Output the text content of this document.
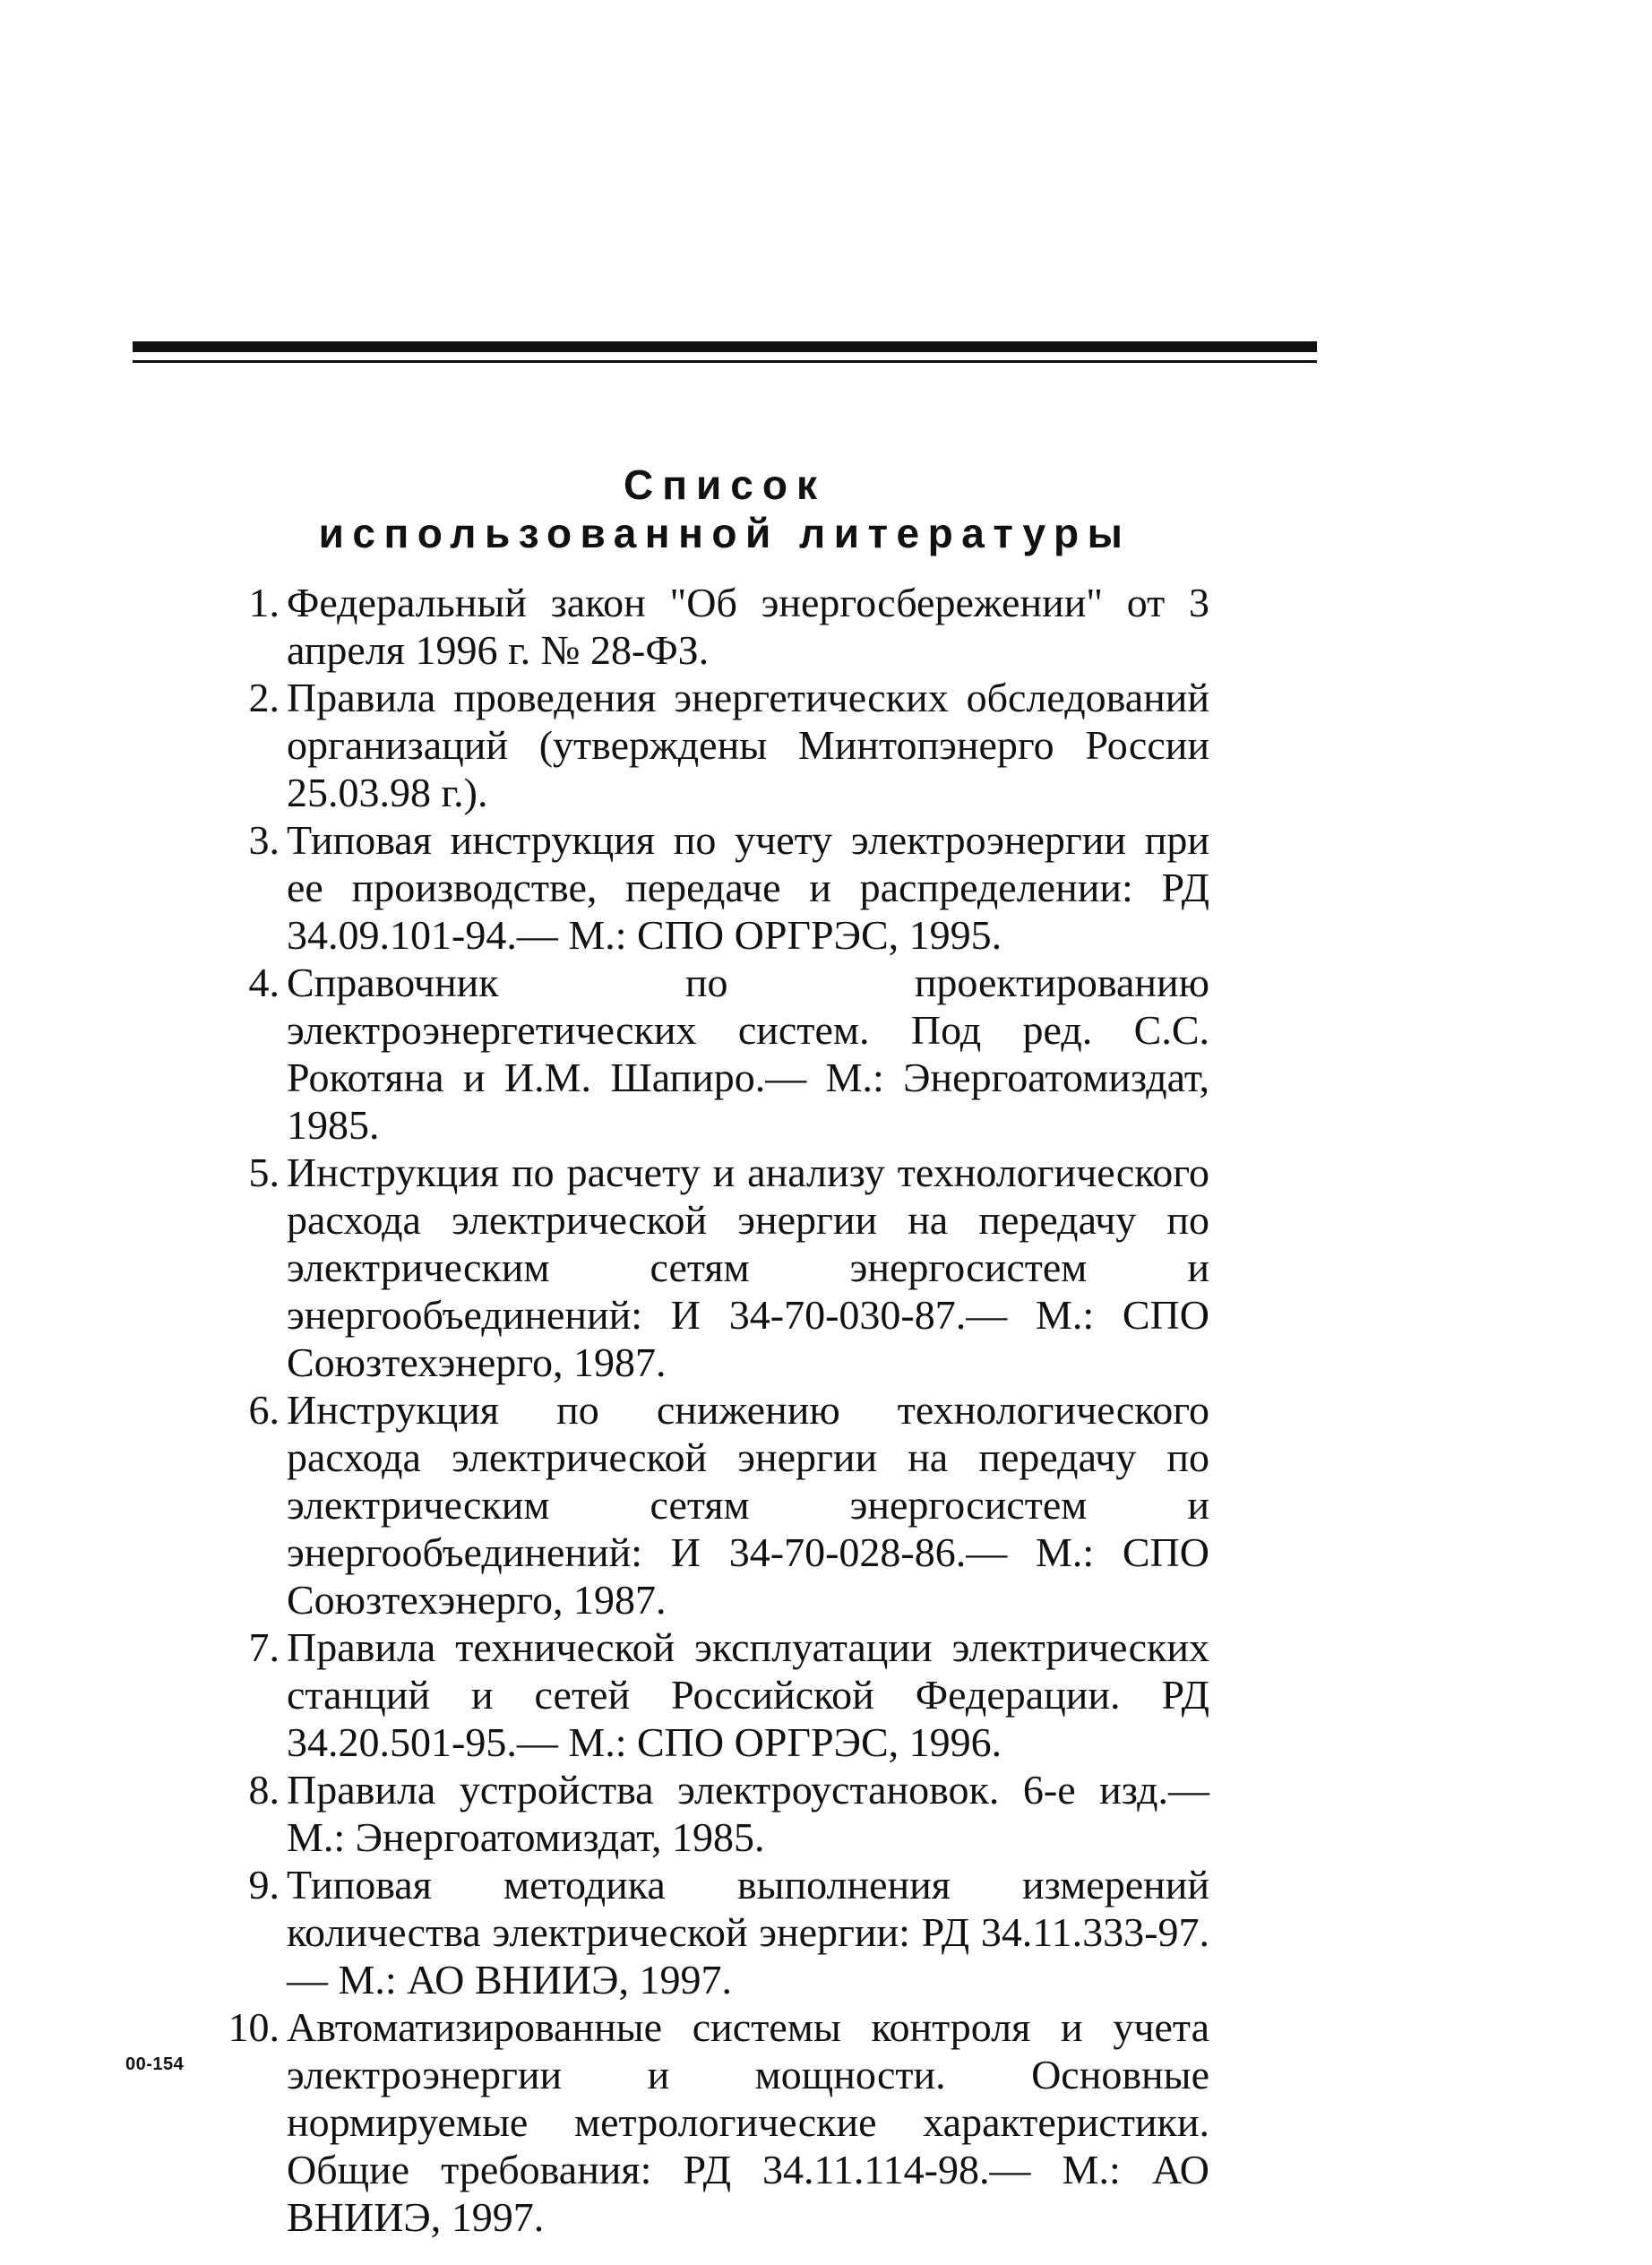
Список
использованной литературы
1. Федеральный закон "Об энергосбережении" от 3 апреля 1996 г. № 28-ФЗ.
2. Правила проведения энергетических обследований организаций (утверждены Минтопэнерго России 25.03.98 г.).
3. Типовая инструкция по учету электроэнергии при ее производстве, передаче и распределении: РД 34.09.101-94.— М.: СПО ОРГРЭС, 1995.
4. Справочник по проектированию электроэнергетических систем. Под ред. С.С. Рокотяна и И.М. Шапиро.— М.: Энергоатомиздат, 1985.
5. Инструкция по расчету и анализу технологического расхода электрической энергии на передачу по электрическим сетям энергосистем и энергообъединений: И 34-70-030-87.— М.: СПО Союзтехэнерго, 1987.
6. Инструкция по снижению технологического расхода электрической энергии на передачу по электрическим сетям энергосистем и энергообъединений: И 34-70-028-86.— М.: СПО Союзтехэнерго, 1987.
7. Правила технической эксплуатации электрических станций и сетей Российской Федерации. РД 34.20.501-95.— М.: СПО ОРГРЭС, 1996.
8. Правила устройства электроустановок. 6-е изд.— М.: Энергоатомиздат, 1985.
9. Типовая методика выполнения измерений количества электрической энергии: РД 34.11.333-97.— М.: АО ВНИИЭ, 1997.
10. Автоматизированные системы контроля и учета электроэнергии и мощности. Основные нормируемые метрологические характеристики. Общие требования: РД 34.11.114-98.— М.: АО ВНИИЭ, 1997.
00-154
